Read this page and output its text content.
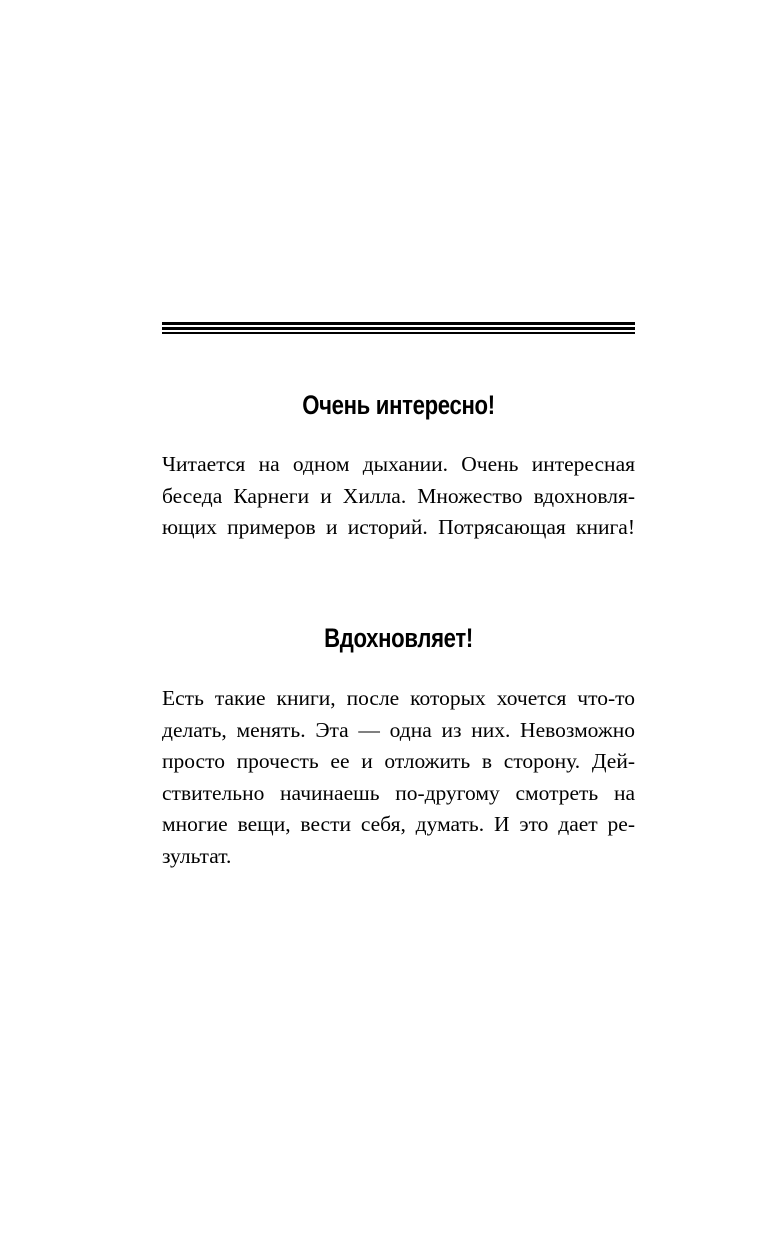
Очень интересно!

Читается на одном дыхании. Очень интересная
беседа Карнеги и Хилла. Множество вдохновля-
ющих примеров и историй. Потрясающая книга!

Вдохновляет!

Есть такие книги, после которых хочется что-то
делать, менять. Эта — одна из них. Невозможно
просто прочесть ее и отложить в сторону. Дей-
ствительно начинаешь по-другому смотреть на
многие вещи, вести себя, думать. И это дает ре-
зультат.
